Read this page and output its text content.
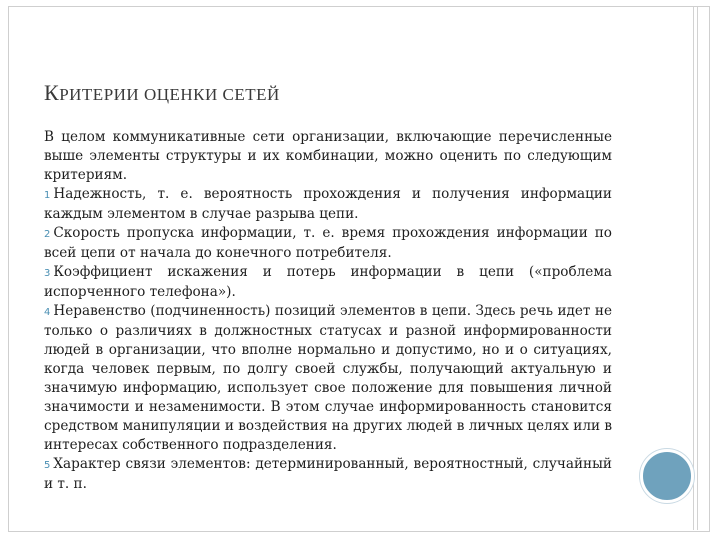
КРИТЕРИИ ОЦЕНКИ СЕТЕЙ

В целом коммуникативные сети организации, включающие перечисленные выше элементы структуры и их комбинации, можно оценить по следующим критериям.

1 Надежность, т. е. вероятность прохождения и получения информации каждым элементом в случае разрыва цепи.

2 Скорость пропуска информации, т. е. время прохождения информации по всей цепи от начала до конечного потребителя.

3 Коэффициент искажения и потерь информации в цепи («проблема испорченного телефона»).

4 Неравенство (подчиненность) позиций элементов в цепи. Здесь речь идет не только о различиях в должностных статусах и разной информированности людей в организации, что вполне нормально и допустимо, но и о ситуациях, когда человек первым, по долгу своей службы, получающий актуальную и значимую информацию, использует свое положение для повышения личной значимости и незаменимости. В этом случае информированность становится средством манипуляции и воздействия на других людей в личных целях или в интересах собственного подразделения.

5 Характер связи элементов: детерминированный, вероятностный, случайный и т. п.
